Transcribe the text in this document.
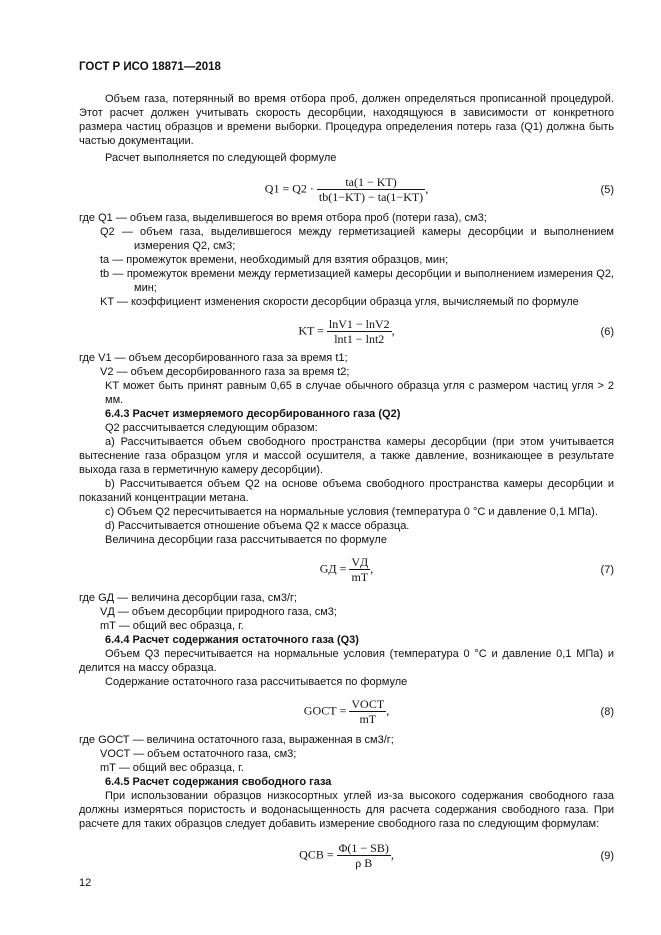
ГОСТ Р ИСО 18871—2018

Объем газа, потерянный во время отбора проб, должен определяться прописанной процедурой. Этот расчет должен учитывать скорость десорбции, находящуюся в зависимости от конкретного размера частиц образцов и времени выборки. Процедура определения потерь газа (Q1) должна быть частью документации.

Расчет выполняется по следующей формуле

$Q1 = Q2 \cdot \frac{ta(1 - KT)}{tb(1-KT) - ta(1-KT)}$ ,	(5)

где Q1 — объем газа, выделившегося во время отбора проб (потери газа), см3;

Q2 — объем газа, выделившегося между герметизацией камеры десорбции и выполнением измерения Q2, см3;

ta — промежуток времени, необходимый для взятия образцов, мин;

tb — промежуток времени между герметизацией камеры десорбции и выполнением измерения Q2, мин;

KT — коэффициент изменения скорости десорбции образца угля, вычисляемый по формуле

KT = $\frac{\ln V1 - \ln V2}{\ln t1 - \ln t2}$ ,	(6)

где V1 — объем десорбированного газа за время t1;

V2 — объем десорбированного газа за время t2;

KT может быть принят равным 0,65 в случае обычного образца угля с размером частиц угля > 2 мм.

6.4.3 Расчет измеряемого десорбированного газа (Q2)

Q2 рассчитывается следующим образом:

a) Рассчитывается объем свободного пространства камеры десорбции (при этом учитывается вытеснение газа образцом угля и массой осушителя, а также давление, возникающее в результате выхода газа в герметичную камеру десорбции).

b) Рассчитывается объем Q2 на основе объема свободного пространства камеры десорбции и показаний концентрации метана.

c) Объем Q2 пересчитывается на нормальные условия (температура 0 °C и давление 0,1 МПа).

d) Рассчитывается отношение объема Q2 к массе образца.

Величина десорбции газа рассчитывается по формуле

GД = $\frac{VД}{mT}$ ,	(7)

где GД — величина десорбции газа, см3/г;

VД — объем десорбции природного газа, см3;

mT — общий вес образца, г.

6.4.4 Расчет содержания остаточного газа (Q3)

Объем Q3 пересчитывается на нормальные условия (температура 0 °C и давление 0,1 МПа) и делится на массу образца.

Содержание остаточного газа рассчитывается по формуле

GОСТ = $\frac{\text{VОСТ}}{mT}$ ,	(8)

где GОСТ — величина остаточного газа, выраженная в см3/г;

VОСТ — объем остаточного газа, см3;

mT — общий вес образца, г.

6.4.5 Расчет содержания свободного газа

При использовании образцов низкосортных углей из-за высокого содержания свободного газа должны измеряться пористость и водонасыщенность для расчета содержания свободного газа. При расчете для таких образцов следует добавить измерение свободного газа по следующим формулам:

QСВ = $\frac{\Phi(1 - SВ)}{\text{ρ B}}$ ,	(9)
12
